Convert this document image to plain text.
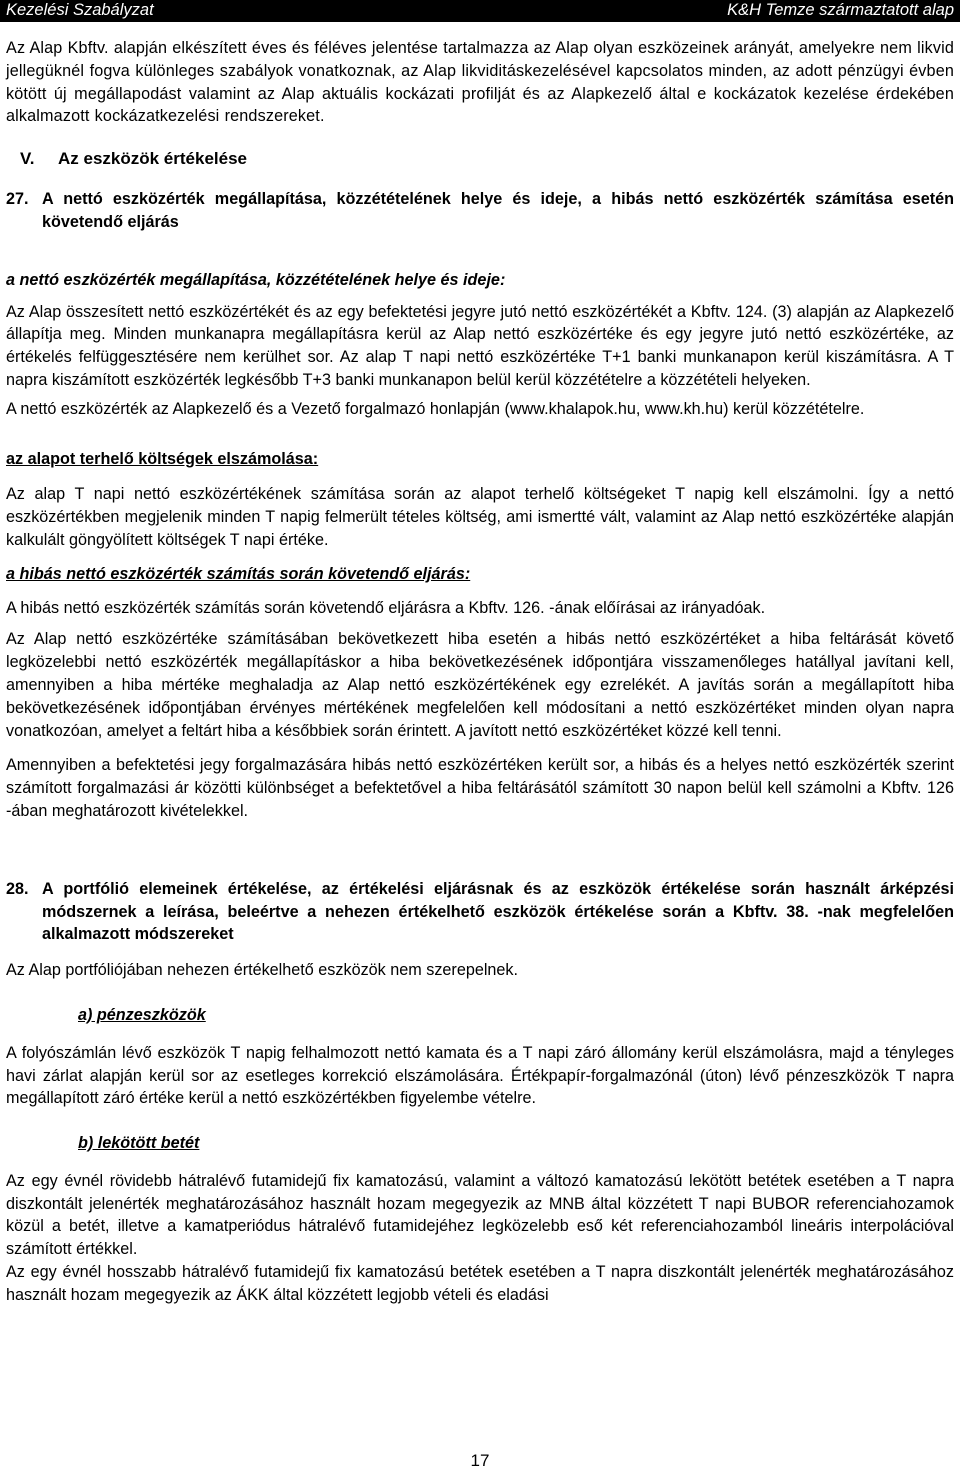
Kezelési Szabályzat	K&H Temze származtatott alap

Az Alap Kbftv. alapján elkészített éves és féléves jelentése tartalmazza az Alap olyan eszközeinek arányát, amelyekre nem likvid jellegüknél fogva különleges szabályok vonatkoznak, az Alap likviditáskezelésével kapcsolatos minden, az adott pénzügyi évben kötött új megállapodást valamint az Alap aktuális kockázati profilját és az Alapkezelő által e kockázatok kezelése érdekében alkalmazott kockázatkezelési rendszereket.

V. Az eszközök értékelése
27. A nettó eszközérték megállapítása, közzétételének helye és ideje, a hibás nettó eszközérték számítása esetén követendő eljárás

a nettó eszközérték megállapítása, közzétételének helye és ideje:

Az Alap összesített nettó eszközértékét és az egy befektetési jegyre jutó nettó eszközértékét a Kbftv. 124. (3) alapján az Alapkezelő állapítja meg. Minden munkanapra megállapításra kerül az Alap nettó eszközértéke és egy jegyre jutó nettó eszközértéke, az értékelés felfüggesztésére nem kerülhet sor. Az alap T napi nettó eszközértéke T+1 banki munkanapon kerül kiszámításra. A T napra kiszámított eszközérték legkésőbb T+3 banki munkanapon belül kerül közzétételre a közzétételi helyeken.

A nettó eszközérték az Alapkezelő és a Vezető forgalmazó honlapján (www.khalapok.hu, www.kh.hu) kerül közzétételre.

az alapot terhelő költségek elszámolása:

Az alap T napi nettó eszközértékének számítása során az alapot terhelő költségeket T napig kell elszámolni. Így a nettó eszközértékben megjelenik minden T napig felmerült tételes költség, ami ismertté vált, valamint az Alap nettó eszközértéke alapján kalkulált göngyölített költségek T napi értéke.

a hibás nettó eszközérték számítás során követendő eljárás:

A hibás nettó eszközérték számítás során követendő eljárásra a Kbftv. 126. -ának előírásai az irányadóak.

Az Alap nettó eszközértéke számításában bekövetkezett hiba esetén a hibás nettó eszközértéket a hiba feltárását követő legközelebbi nettó eszközérték megállapításkor a hiba bekövetkezésének időpontjára visszamenőleges hatállyal javítani kell, amennyiben a hiba mértéke meghaladja az Alap nettó eszközértékének egy ezrelékét. A javítás során a megállapított hiba bekövetkezésének időpontjában érvényes mértékének megfelelően kell módosítani a nettó eszközértéket minden olyan napra vonatkozóan, amelyet a feltárt hiba a későbbiek során érintett. A javított nettó eszközértéket közzé kell tenni.

Amennyiben a befektetési jegy forgalmazására hibás nettó eszközértéken került sor, a hibás és a helyes nettó eszközérték szerint számított forgalmazási ár közötti különbséget a befektetővel a hiba feltárásától számított 30 napon belül kell számolni a Kbftv. 126 -ában meghatározott kivételekkel.

28. A portfólió elemeinek értékelése, az értékelési eljárásnak és az eszközök értékelése során használt árképzési módszernek a leírása, beleértve a nehezen értékelhető eszközök értékelése során a Kbftv. 38. -nak megfelelően alkalmazott módszereket

Az Alap portfóliójában nehezen értékelhető eszközök nem szerepelnek.

a) pénzeszközök

A folyószámlán lévő eszközök T napig felhalmozott nettó kamata és a T napi záró állomány kerül elszámolásra, majd a tényleges havi zárlat alapján kerül sor az esetleges korrekció elszámolására. Értékpapír-forgalmazónál (úton) lévő pénzeszközök T napra megállapított záró értéke kerül a nettó eszközértékben figyelembe vételre.

b) lekötött betét

Az egy évnél rövidebb hátralévő futamidejű fix kamatozású, valamint a változó kamatozású lekötött betétek esetében a T napra diszkontált jelenérték meghatározásához használt hozam megegyezik az MNB által közzétett T napi BUBOR referenciahozamok közül a betét, illetve a kamatperiódus hátralévő futamidejéhez legközelebb eső két referenciahozamból lineáris interpolációval számított értékkel.

Az egy évnél hosszabb hátralévő futamidejű fix kamatozású betétek esetében a T napra diszkontált jelenérték meghatározásához használt hozam megegyezik az ÁKK által közzétett legjobb vételi és eladási

17
